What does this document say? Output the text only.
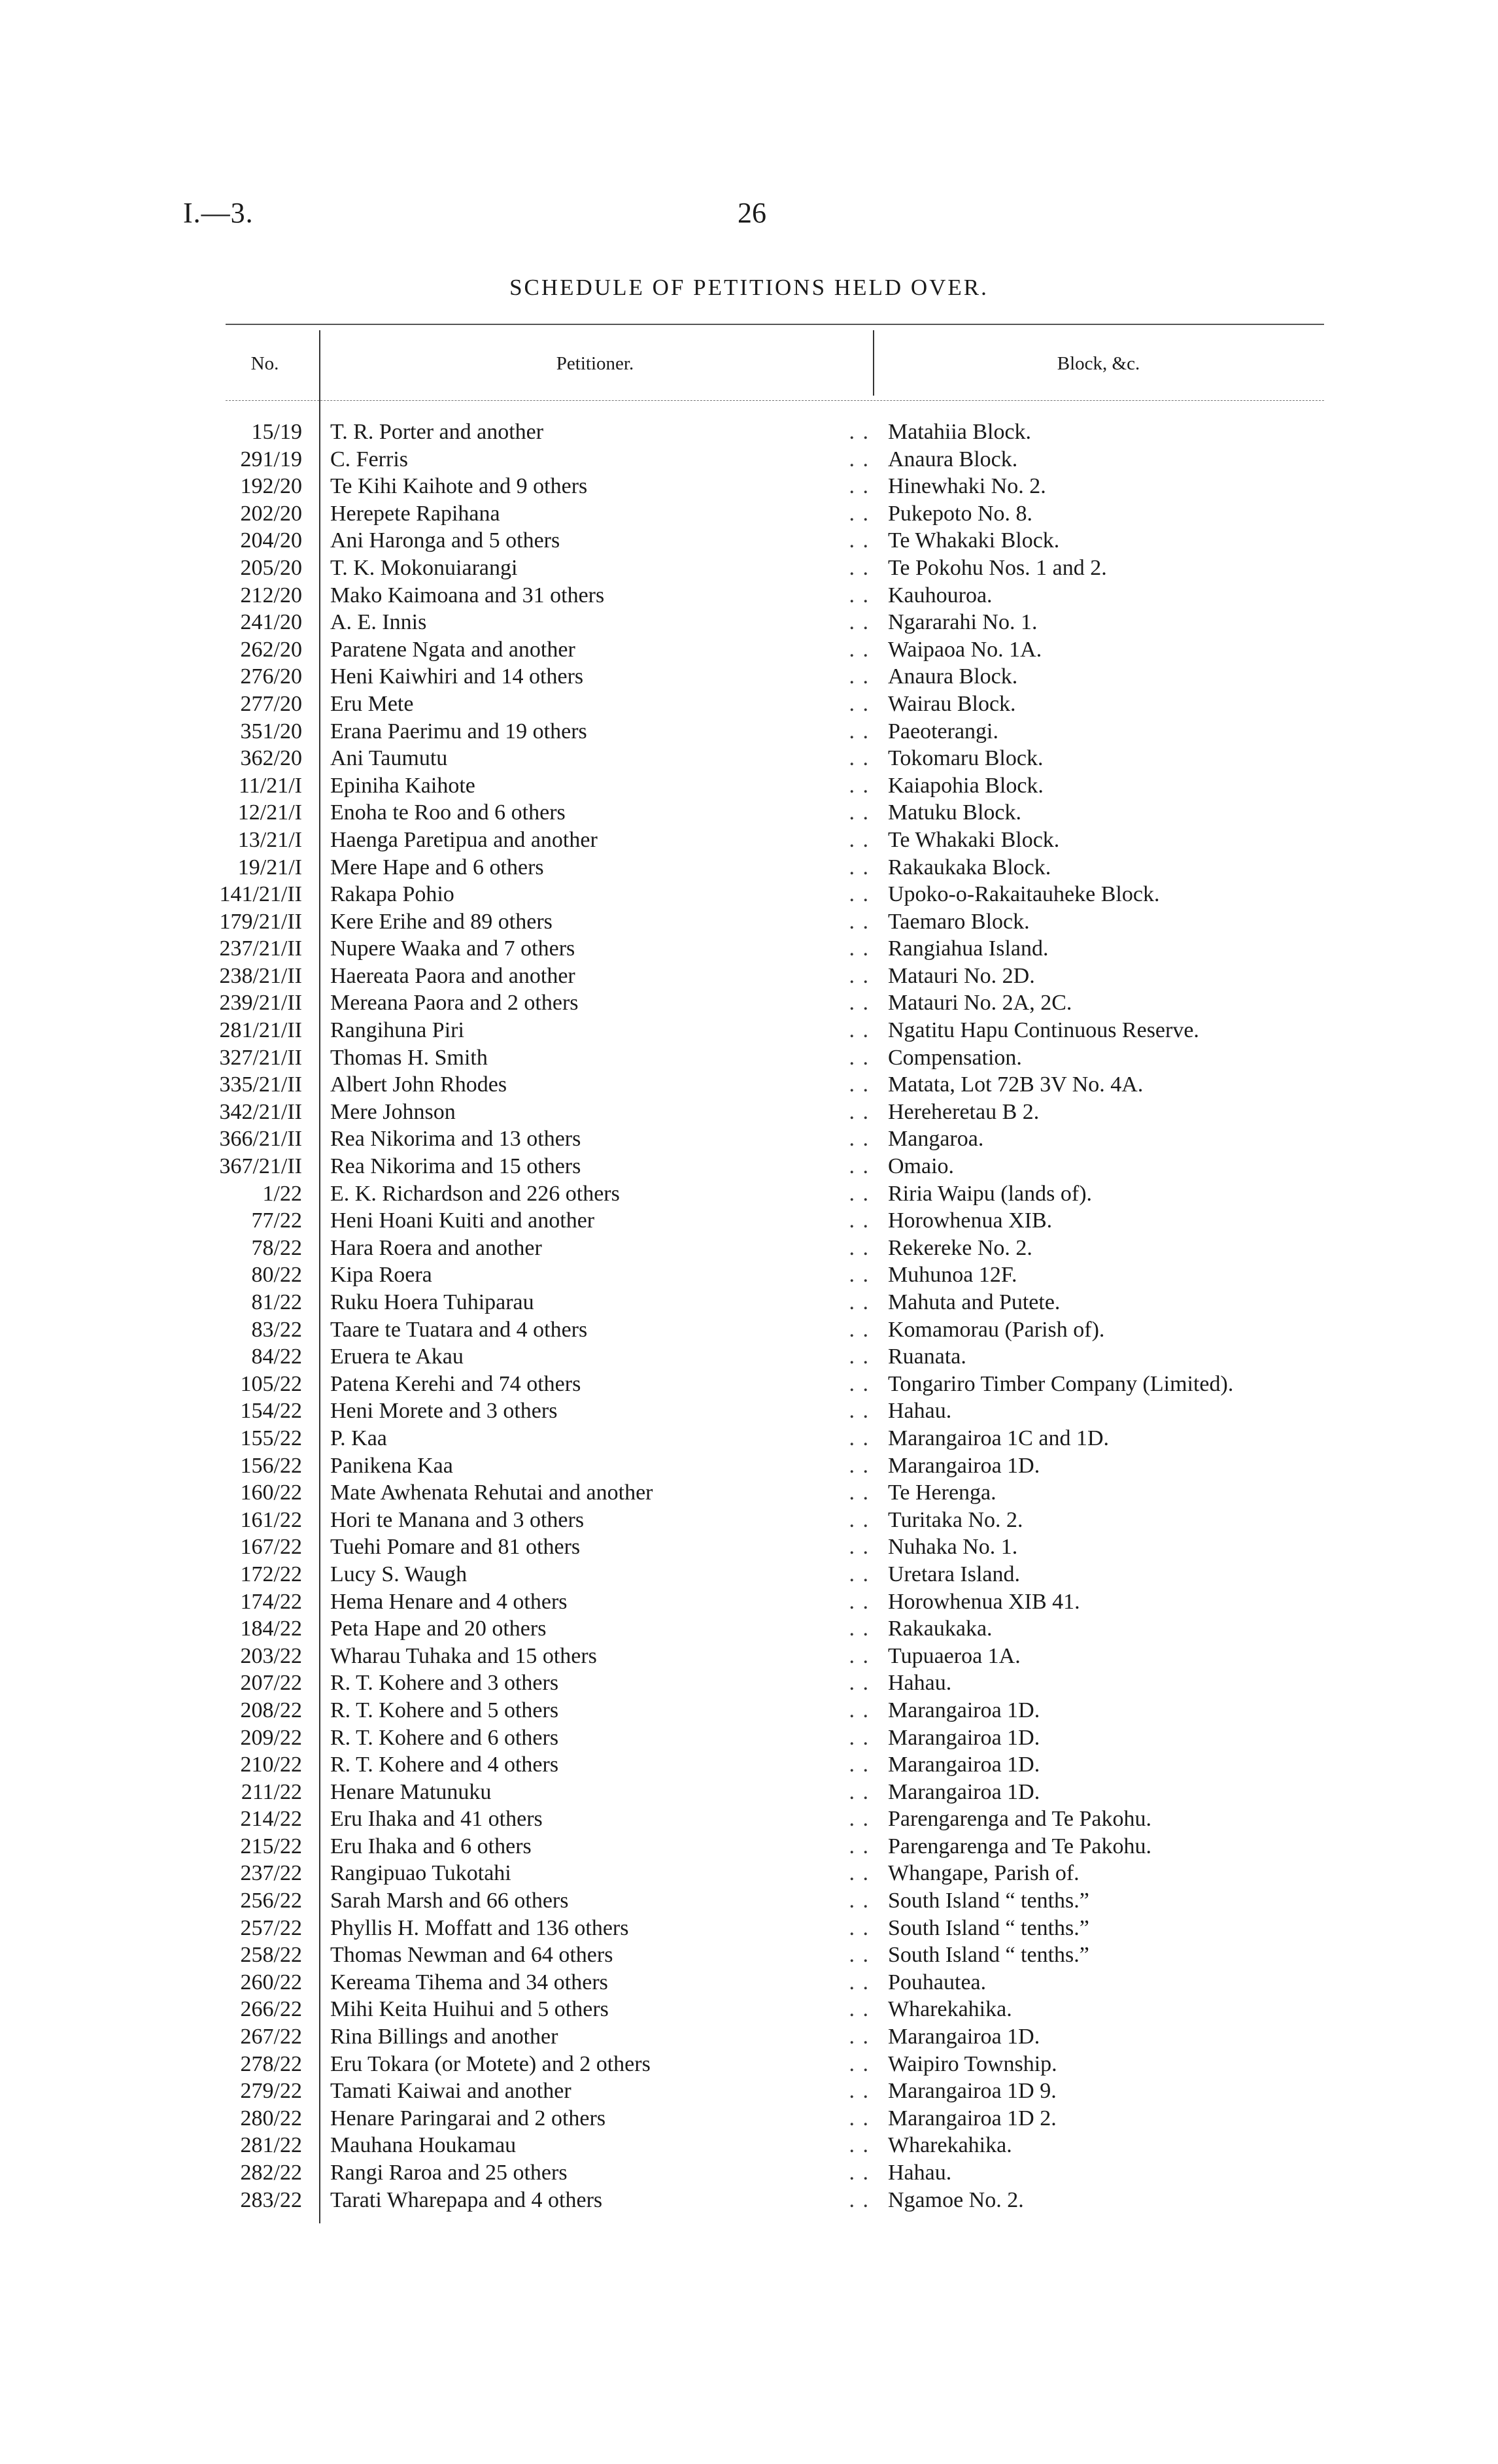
I.—3.	26
SCHEDULE OF PETITIONS HELD OVER.
No.	Petitioner.	Block, &c.
15/19 T. R. Porter and another	. . Matahiia Block.
291/19 C. Ferris	. . Anaura Block.
192/20 Te Kihi Kaihote and 9 others	. . Hinewhaki No. 2.
202/20 Herepete Rapihana	. . Pukepoto No. 8.
204/20 Ani Haronga and 5 others	. . Te Whakaki Block.
205/20 T. K. Mokonuiarangi	. . Te Pokohu Nos. 1 and 2.
212/20 Mako Kaimoana and 31 others	. . Kauhouroa.
241/20 A. E. Innis	. . Ngararahi No. 1.
262/20 Paratene Ngata and another	. . Waipaoa No. 1A.
276/20 Heni Kaiwhiri and 14 others	. . Anaura Block.
277/20 Eru Mete	. . Wairau Block.
351/20 Erana Paerimu and 19 others	. . Paeoterangi.
362/20 Ani Taumutu	. . Tokomaru Block.
11/21/I Epiniha Kaihote	. . Kaiapohia Block.
12/21/I Enoha te Roo and 6 others	. . Matuku Block.
13/21/I Haenga Paretipua and another	. . Te Whakaki Block.
19/21/I Mere Hape and 6 others	. . Rakaukaka Block.
141/21/II Rakapa Pohio	. . Upoko-o-Rakaitauheke Block.
179/21/II Kere Erihe and 89 others	. . Taemaro Block.
237/21/II Nupere Waaka and 7 others	. . Rangiahua Island.
238/21/II Haereata Paora and another	. . Matauri No. 2D.
239/21/II Mereana Paora and 2 others	. . Matauri No. 2A, 2C.
281/21/II Rangihuna Piri	. . Ngatitu Hapu Continuous Reserve.
327/21/II Thomas H. Smith	. . Compensation.
335/21/II Albert John Rhodes	. . Matata, Lot 72B 3V No. 4A.
342/21/II Mere Johnson	. . Hereheretau B 2.
366/21/II Rea Nikorima and 13 others	. . Mangaroa.
367/21/II Rea Nikorima and 15 others	. . Omaio.
1/22 E. K. Richardson and 226 others	. . Riria Waipu (lands of).
77/22 Heni Hoani Kuiti and another	. . Horowhenua XIB.
78/22 Hara Roera and another	. . Rekereke No. 2.
80/22 Kipa Roera	. . Muhunoa 12F.
81/22 Ruku Hoera Tuhiparau	. . Mahuta and Putete.
83/22 Taare te Tuatara and 4 others	. . Komamorau (Parish of).
84/22 Eruera te Akau	. . Ruanata.
105/22 Patena Kerehi and 74 others	. . Tongariro Timber Company (Limited).
154/22 Heni Morete and 3 others	. . Hahau.
155/22 P. Kaa	. . Marangairoa 1C and 1D.
156/22 Panikena Kaa	. . Marangairoa 1D.
160/22 Mate Awhenata Rehutai and another	. . Te Herenga.
161/22 Hori te Manana and 3 others	. . Turitaka No. 2.
167/22 Tuehi Pomare and 81 others	. . Nuhaka No. 1.
172/22 Lucy S. Waugh	. . Uretara Island.
174/22 Hema Henare and 4 others	. . Horowhenua XIB 41.
184/22 Peta Hape and 20 others	. . Rakaukaka.
203/22 Wharau Tuhaka and 15 others	. . Tupuaeroa 1A.
207/22 R. T. Kohere and 3 others	. . Hahau.
208/22 R. T. Kohere and 5 others	. . Marangairoa 1D.
209/22 R. T. Kohere and 6 others	. . Marangairoa 1D.
210/22 R. T. Kohere and 4 others	. . Marangairoa 1D.
211/22 Henare Matunuku	. . Marangairoa 1D.
214/22 Eru Ihaka and 41 others	. . Parengarenga and Te Pakohu.
215/22 Eru Ihaka and 6 others	. . Parengarenga and Te Pakohu.
237/22 Rangipuao Tukotahi	. . Whangape, Parish of.
256/22 Sarah Marsh and 66 others	. . South Island “ tenths.”
257/22 Phyllis H. Moffatt and 136 others	. . South Island “ tenths.”
258/22 Thomas Newman and 64 others	. . South Island “ tenths.”
260/22 Kereama Tihema and 34 others	. . Pouhautea.
266/22 Mihi Keita Huihui and 5 others	. . Wharekahika.
267/22 Rina Billings and another	. . Marangairoa 1D.
278/22 Eru Tokara (or Motete) and 2 others	. . Waipiro Township.
279/22 Tamati Kaiwai and another	. . Marangairoa 1D 9.
280/22 Henare Paringarai and 2 others	. . Marangairoa 1D 2.
281/22 Mauhana Houkamau	. . Wharekahika.
282/22 Rangi Raroa and 25 others	. . Hahau.
283/22 Tarati Wharepapa and 4 others	. . Ngamoe No. 2.
